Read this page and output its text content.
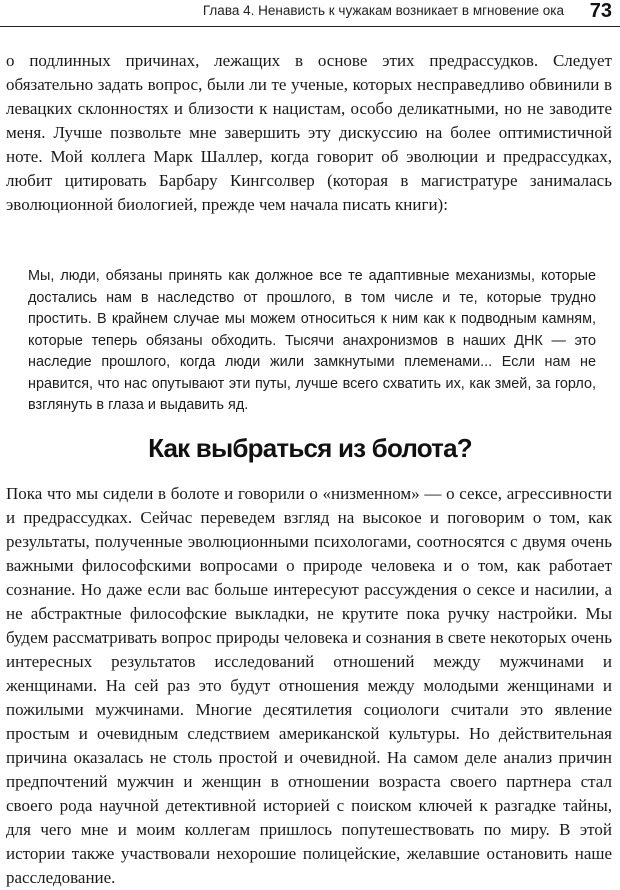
Глава 4. Ненависть к чужакам возникает в мгновение ока 73

о подлинных причинах, лежащих в основе этих предрассудков. Следует обязательно задать вопрос, были ли те ученые, которых несправедливо обвинили в левацких склонностях и близости к нацистам, особо деликатными, но не заводите меня. Лучше позвольте мне завершить эту дискуссию на более оптимистичной ноте. Мой коллега Марк Шаллер, когда говорит об эволюции и предрассудках, любит цитировать Барбару Кингсолвер (которая в магистратуре занималась эволюционной биологией, прежде чем начала писать книги):

Мы, люди, обязаны принять как должное все те адаптивные механизмы, которые достались нам в наследство от прошлого, в том числе и те, которые трудно простить. В крайнем случае мы можем относиться к ним как к подводным камням, которые теперь обязаны обходить. Тысячи анахронизмов в наших ДНК — это наследие прошлого, когда люди жили замкнутыми племенами... Если нам не нравится, что нас опутывают эти путы, лучше всего схватить их, как змей, за горло, взглянуть в глаза и выдавить яд.

Как выбраться из болота?

Пока что мы сидели в болоте и говорили о «низменном» — о сексе, агрессивности и предрассудках. Сейчас переведем взгляд на высокое и поговорим о том, как результаты, полученные эволюционными психологами, соотносятся с двумя очень важными философскими вопросами о природе человека и о том, как работает сознание. Но даже если вас больше интересуют рассуждения о сексе и насилии, а не абстрактные философские выкладки, не крутите пока ручку настройки. Мы будем рассматривать вопрос природы человека и сознания в свете некоторых очень интересных результатов исследований отношений между мужчинами и женщинами. На сей раз это будут отношения между молодыми женщинами и пожилыми мужчинами. Многие десятилетия социологи считали это явление простым и очевидным следствием американской культуры. Но действительная причина оказалась не столь простой и очевидной. На самом деле анализ причин предпочтений мужчин и женщин в отношении возраста своего партнера стал своего рода научной детективной историей с поиском ключей к разгадке тайны, для чего мне и моим коллегам пришлось попутешествовать по миру. В этой истории также участвовали нехорошие полицейские, желавшие остановить наше расследование.
